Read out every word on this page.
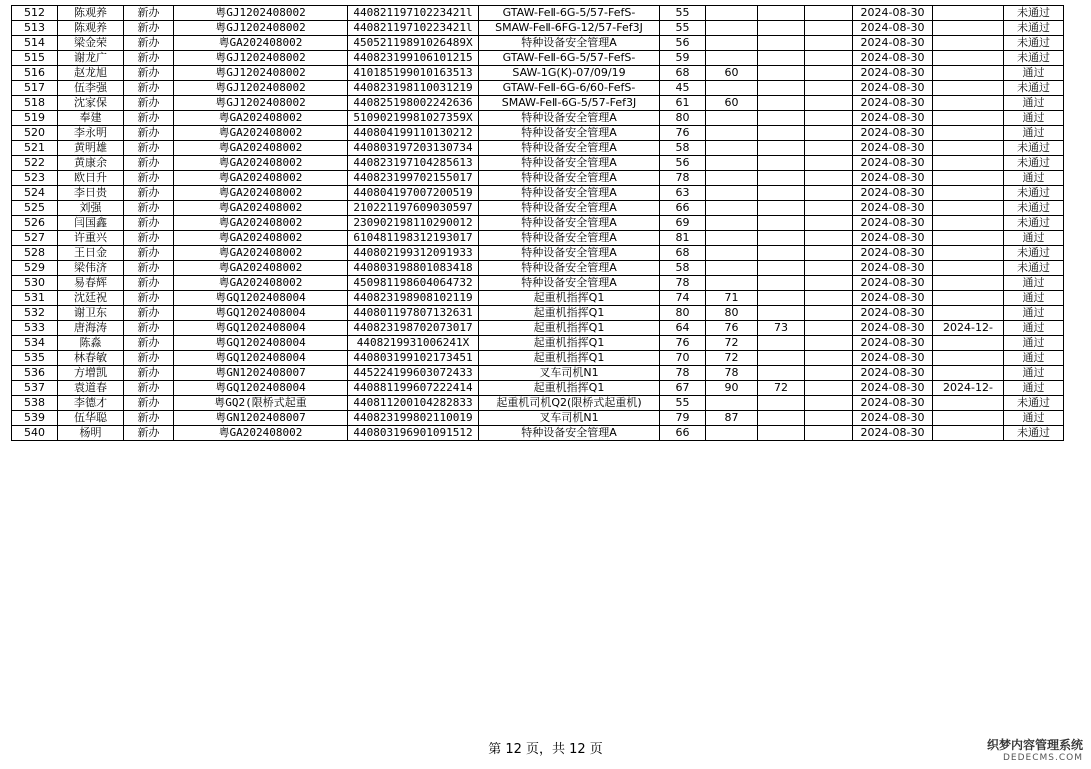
512	陈观养	新办	粤GJ1202408002	44082119710223421l	GTAW-FeⅡ-6G-5/57-FefS-	55				2024-08-30		未通过
513	陈观养	新办	粤GJ1202408002	44082119710223421l	SMAW-FeⅡ-6FG-12/57-Fef3J	55				2024-08-30		未通过
514	梁金荣	新办	粤GA202408002	45052119891026489X	特种设备安全管理A	56				2024-08-30		未通过
515	谢龙广	新办	粤GJ1202408002	440823199106101215	GTAW-FeⅡ-6G-5/57-FefS-	59				2024-08-30		未通过
516	赵龙旭	新办	粤GJ1202408002	410185199010163513	SAW-1G(K)-07/09/19	68	60			2024-08-30		通过
517	伍李强	新办	粤GJ1202408002	440823198110031219	GTAW-FeⅡ-6G-6/60-FefS-	45				2024-08-30		未通过
518	沈家保	新办	粤GJ1202408002	440825198002242636	SMAW-FeⅡ-6G-5/57-Fef3J	61	60			2024-08-30		通过
519	奉建	新办	粤GA202408002	51090219981027359X	特种设备安全管理A	80				2024-08-30		通过
520	李永明	新办	粤GA202408002	440804199110130212	特种设备安全管理A	76				2024-08-30		通过
521	黄明雄	新办	粤GA202408002	440803197203130734	特种设备安全管理A	58				2024-08-30		未通过
522	黄康余	新办	粤GA202408002	440823197104285613	特种设备安全管理A	56				2024-08-30		未通过
523	欧日升	新办	粤GA202408002	440823199702155017	特种设备安全管理A	78				2024-08-30		通过
524	李日贵	新办	粤GA202408002	440804197007200519	特种设备安全管理A	63				2024-08-30		未通过
525	刘强	新办	粤GA202408002	210221197609030597	特种设备安全管理A	66				2024-08-30		未通过
526	闫国鑫	新办	粤GA202408002	230902198110290012	特种设备安全管理A	69				2024-08-30		未通过
527	许重兴	新办	粤GA202408002	610481198312193017	特种设备安全管理A	81				2024-08-30		通过
528	王日金	新办	粤GA202408002	440802199312091933	特种设备安全管理A	68				2024-08-30		未通过
529	梁伟济	新办	粤GA202408002	440803198801083418	特种设备安全管理A	58				2024-08-30		未通过
530	易春辉	新办	粤GA202408002	450981198604064732	特种设备安全管理A	78				2024-08-30		通过
531	沈廷祝	新办	粤GQ1202408004	440823198908102119	起重机指挥Q1	74	71			2024-08-30		通过
532	谢卫东	新办	粤GQ1202408004	440801197807132631	起重机指挥Q1	80	80			2024-08-30		通过
533	唐海涛	新办	粤GQ1202408004	440823198702073017	起重机指挥Q1	64	76	73		2024-08-30	2024-12-	通过
534	陈淼	新办	粤GQ1202408004	44082199310062​41X	起重机指挥Q1	76	72			2024-08-30		通过
535	林春敏	新办	粤GQ1202408004	440803199102173451	起重机指挥Q1	70	72			2024-08-30		通过
536	方增凯	新办	粤GN1202408007	445224199603072433	叉车司机N1	78	78			2024-08-30		通过
537	袁道春	新办	粤GQ1202408004	440881199607222414	起重机指挥Q1	67	90	72		2024-08-30	2024-12-	通过
538	李德才	新办	粤GQ2(限桥式起重	440811200104282833	起重机司机Q2(限桥式起重机)	55				2024-08-30		未通过
539	伍华聪	新办	粤GN1202408007	440823199802110019	叉车司机N1	79	87			2024-08-30		通过
540	杨明	新办	粤GA202408002	440803196901091512	特种设备安全管理A	66				2024-08-30		未通过
第 12 页，共 12 页	织梦内容管理系统
DEDECMS.COM
